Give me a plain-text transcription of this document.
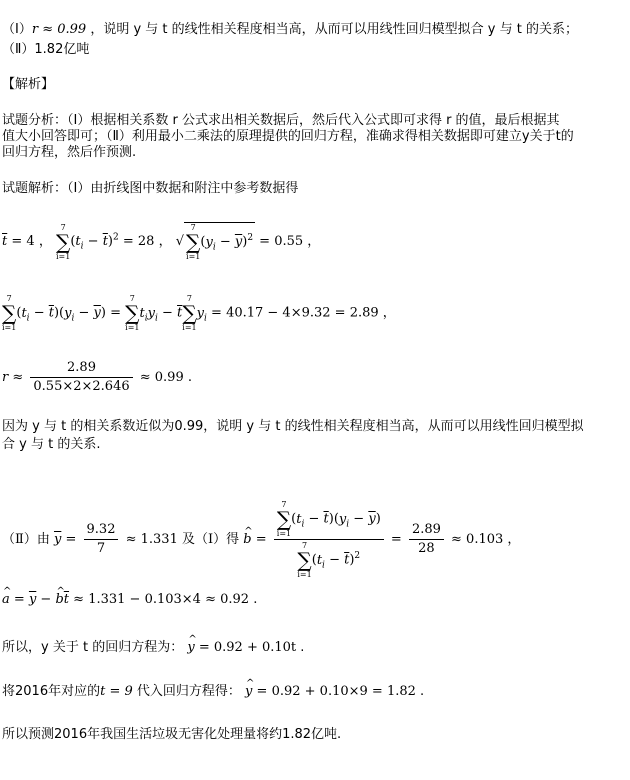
（Ⅰ）r ≈ 0.99 ，说明 y 与 t 的线性相关程度相当高，从而可以用线性回归模型拟合 y 与 t 的关系；
（Ⅱ）1.82亿吨
【解析】
试题分析：（Ⅰ）根据相关系数 r 公式求出相关数据后，然后代入公式即可求得 r 的值，最后根据其
值大小回答即可；（Ⅱ）利用最小二乘法的原理提供的回归方程，准确求得相关数据即可建立y关于t的
回归方程，然后作预测.
试题解析：（Ⅰ）由折线图中数据和附注中参考数据得
$\overline{t} = 4$ ，
7
∑
i=1
$(t_i - \overline{t})^2 = 28$ ， √
7
∑
i=1
$(y_i - \overline{y})^2 = 0.55$ ，
7
∑
i=1
$(t_i - \overline{t})(y_i - \overline{y})$ =
7
∑
i=1
$t_iy_i - \overline{t}$
7
∑
i=1
$y_i = 40.17 - 4\times 9.32 = 2.89$ ，
$r \approx \frac{2.89}{0.55\times 2\times 2.646} \approx 0.99$ .
因为 y 与 t 的相关系数近似为0.99，说明 y 与 t 的线性相关程度相当高，从而可以用线性回归模型拟
合 y 与 t 的关系.
（Ⅱ）由 $\overline{y} = \frac{9.32}{7} \approx 1.331$ 及（Ⅰ）得 ^ b = 7
∑
i=1
$(t_i - \overline{t})(y_i - \overline{y})$
7
∑
i=1
$(t_i - \overline{t})^2 = \frac{2.89}{28} \approx 0.103$ ，
^ $a = \overline{y}$ − ^ $b\overline{t} \approx 1.331 - 0.103\times 4 \approx 0.92$ .
所以，y 关于 t 的回归方程为： ^ y = 0.92 + 0.10t .
将2016年对应的t = 9 代入回归方程得： ^ y = 0.92 + 0.10×9 = 1.82 .
所以预测2016年我国生活垃圾无害化处理量将约1.82亿吨.
